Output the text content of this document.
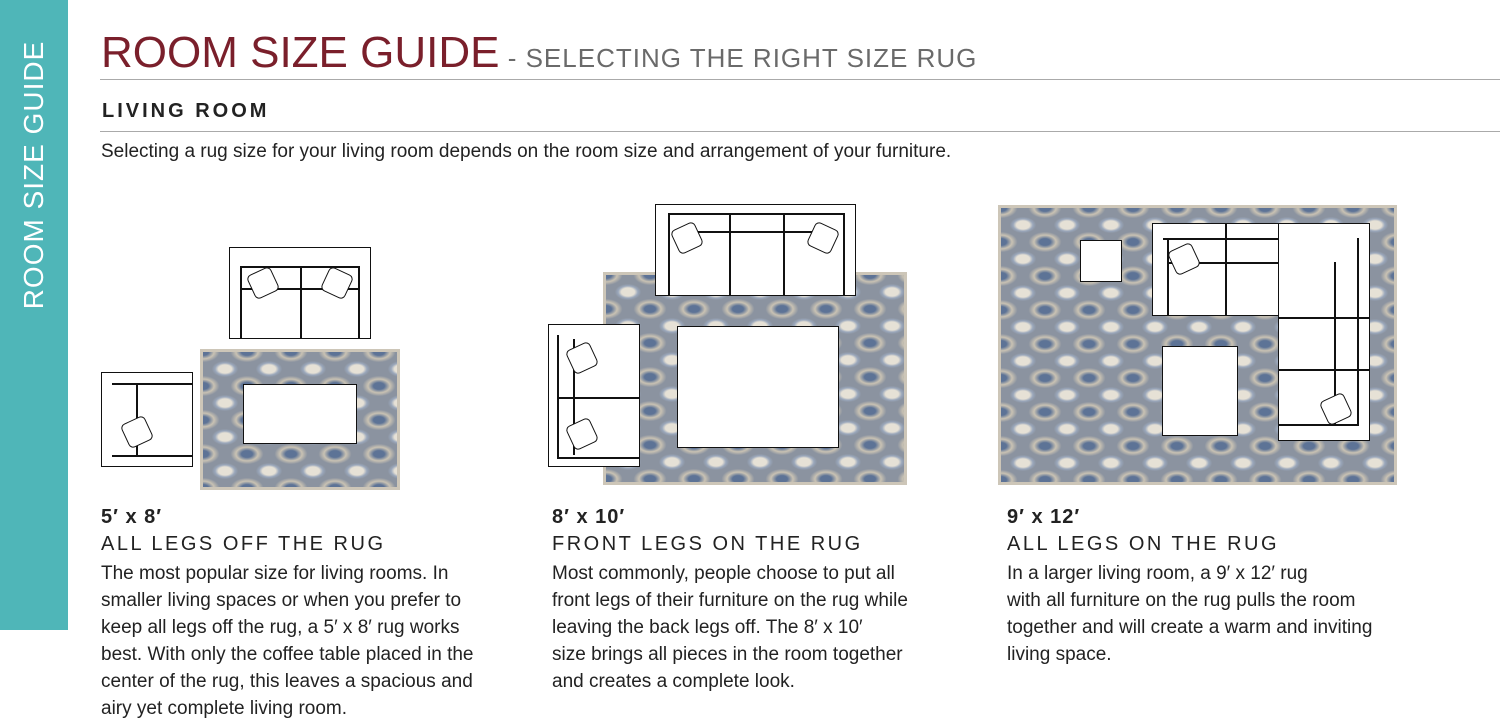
ROOM SIZE GUIDE ROOM SIZE GUIDE - SELECTING THE RIGHT SIZE RUG
LIVING ROOM
Selecting a rug size for your living room depends on the room size and arrangement of your furniture.
5′ x 8′
ALL LEGS OFF THE RUG
The most popular size for living rooms. In
smaller living spaces or when you prefer to
keep all legs off the rug, a 5′ x 8′ rug works
best. With only the coffee table placed in the
center of the rug, this leaves a spacious and
airy yet complete living room.
8′ x 10′
FRONT LEGS ON THE RUG
Most commonly, people choose to put all
front legs of their furniture on the rug while
leaving the back legs off. The 8′ x 10′
size brings all pieces in the room together
and creates a complete look.
9′ x 12′
ALL LEGS ON THE RUG
In a larger living room, a 9′ x 12′ rug
with all furniture on the rug pulls the room
together and will create a warm and inviting
living space.
